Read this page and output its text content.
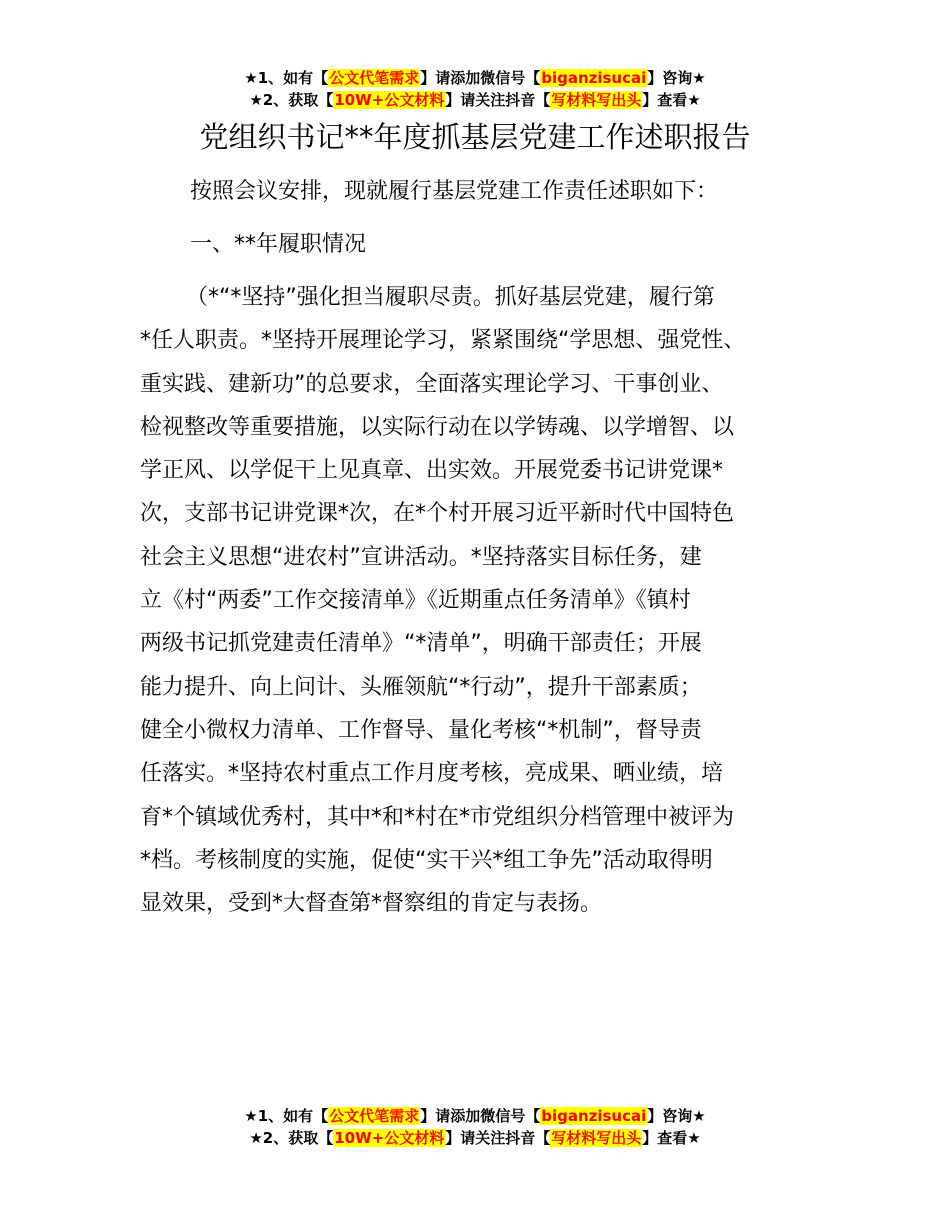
★1、如有【公文代笔需求】请添加微信号【biganzisucai】咨询★
★2、获取【10W+公文材料】请关注抖音【写材料写出头】查看★
党组织书记**年度抓基层党建工作述职报告
按照会议安排，现就履行基层党建工作责任述职如下：
一、**年履职情况
（*“*坚持”强化担当履职尽责。抓好基层党建，履行第
*任人职责。*坚持开展理论学习，紧紧围绕“学思想、强党性、
重实践、建新功”的总要求，全面落实理论学习、干事创业、
检视整改等重要措施，以实际行动在以学铸魂、以学增智、以
学正风、以学促干上见真章、出实效。开展党委书记讲党课*
次，支部书记讲党课*次，在*个村开展习近平新时代中国特色
社会主义思想“进农村”宣讲活动。*坚持落实目标任务，建
立《村“两委”工作交接清单》《近期重点任务清单》《镇村
两级书记抓党建责任清单》“*清单”，明确干部责任；开展
能力提升、向上问计、头雁领航“*行动”，提升干部素质；
健全小微权力清单、工作督导、量化考核“*机制”，督导责
任落实。*坚持农村重点工作月度考核，亮成果、晒业绩，培
育*个镇域优秀村，其中*和*村在*市党组织分档管理中被评为
*档。考核制度的实施，促使“实干兴*组工争先”活动取得明
显效果，受到*大督查第*督察组的肯定与表扬。
★1、如有【公文代笔需求】请添加微信号【biganzisucai】咨询★
★2、获取【10W+公文材料】请关注抖音【写材料写出头】查看★
